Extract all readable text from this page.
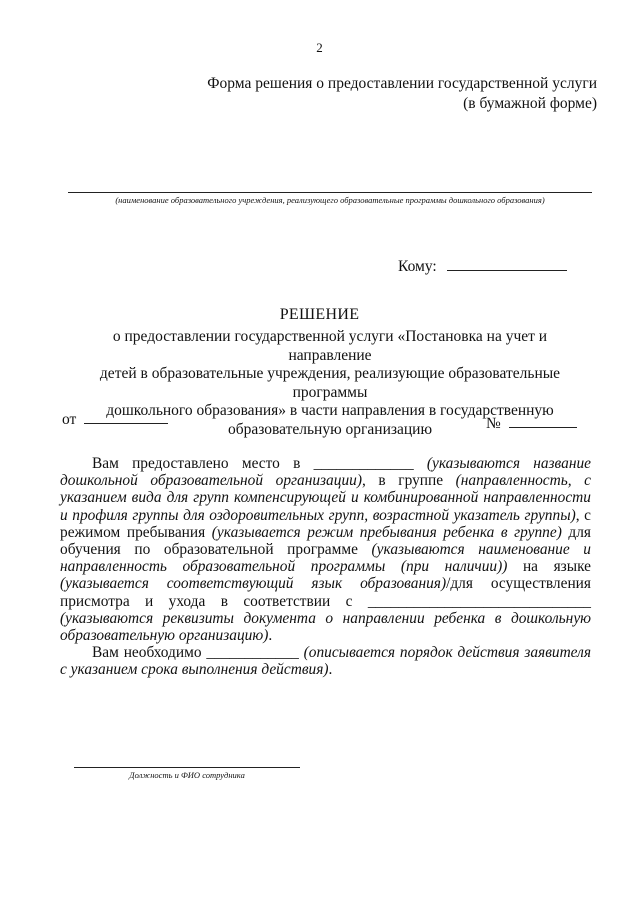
2
Форма решения о предоставлении государственной услуги
(в бумажной форме)
(наименование образовательного учреждения, реализующего образовательные программы дошкольного образования)
Кому:
РЕШЕНИЕ
о предоставлении государственной услуги «Постановка на учет и направление
детей в образовательные учреждения, реализующие образовательные программы
дошкольного образования» в части направления в государственную
образовательную организацию
от	№

Вам предоставлено место в _____________ (указываются название дошкольной образовательной организации), в группе (направленность, с указанием вида для групп компенсирующей и комбинированной направленности и профиля группы для оздоровительных групп, возрастной указатель группы), с режимом пребывания (указывается режим пребывания ребенка в группе) для обучения по образовательной программе (указываются наименование и направленность образовательной программы (при наличии)) на языке (указывается соответствующий язык образования)/для осуществления присмотра и ухода в соответствии с _____________________________ (указываются реквизиты документа о направлении ребенка в дошкольную образовательную организацию).

Вам необходимо ____________ (описывается порядок действия заявителя с указанием срока выполнения действия).

Должность и ФИО сотрудника
